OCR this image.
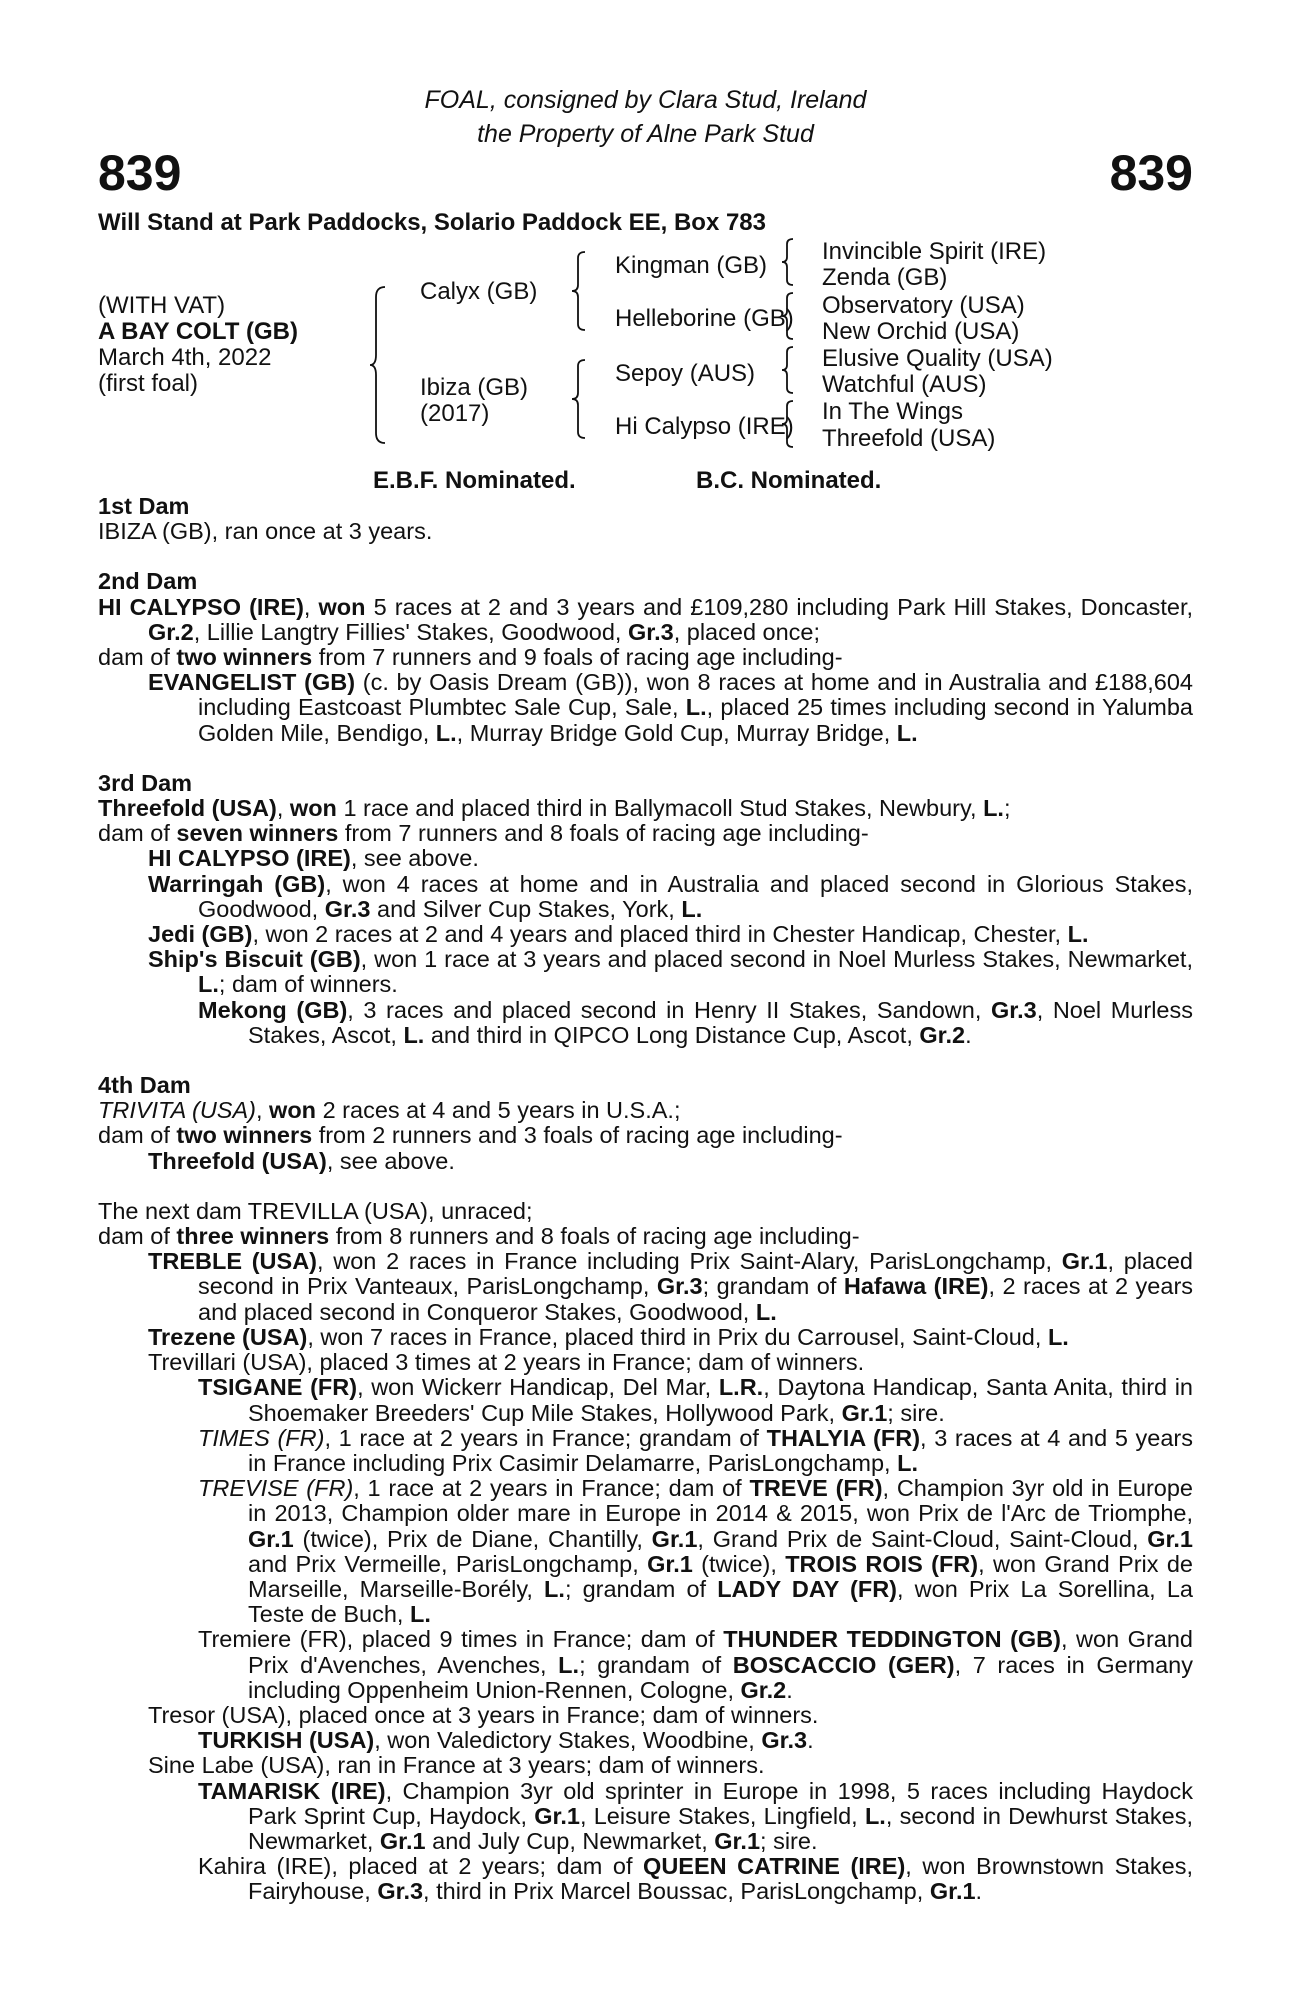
FOAL, consigned by Clara Stud, Ireland
the Property of Alne Park Stud
839	839
Will Stand at Park Paddocks, Solario Paddock EE, Box 783
(WITH VAT)
A BAY COLT (GB)
March 4th, 2022
(first foal)
Calyx (GB)
Ibiza (GB)
(2017)
Kingman (GB)
Helleborine (GB)
Sepoy (AUS)
Hi Calypso (IRE)
Invincible Spirit (IRE)
Zenda (GB)
Observatory (USA)
New Orchid (USA)
Elusive Quality (USA)
Watchful (AUS)
In The Wings
Threefold (USA)
E.B.F. Nominated.	B.C. Nominated.

1st Dam

IBIZA (GB), ran once at 3 years.

2nd Dam

HI CALYPSO (IRE), won 5 races at 2 and 3 years and £109,280 including Park Hill Stakes, Doncaster, Gr.2, Lillie Langtry Fillies' Stakes, Goodwood, Gr.3, placed once;

dam of two winners from 7 runners and 9 foals of racing age including-

EVANGELIST (GB) (c. by Oasis Dream (GB)), won 8 races at home and in Australia and £188,604 including Eastcoast Plumbtec Sale Cup, Sale, L., placed 25 times including second in Yalumba Golden Mile, Bendigo, L., Murray Bridge Gold Cup, Murray Bridge, L.

3rd Dam

Threefold (USA), won 1 race and placed third in Ballymacoll Stud Stakes, Newbury, L.;

dam of seven winners from 7 runners and 8 foals of racing age including-

HI CALYPSO (IRE), see above.

Warringah (GB), won 4 races at home and in Australia and placed second in Glorious Stakes, Goodwood, Gr.3 and Silver Cup Stakes, York, L.

Jedi (GB), won 2 races at 2 and 4 years and placed third in Chester Handicap, Chester, L.

Ship's Biscuit (GB), won 1 race at 3 years and placed second in Noel Murless Stakes, Newmarket, L.; dam of winners.

Mekong (GB), 3 races and placed second in Henry II Stakes, Sandown, Gr.3, Noel Murless Stakes, Ascot, L. and third in QIPCO Long Distance Cup, Ascot, Gr.2.

4th Dam

TRIVITA (USA), won 2 races at 4 and 5 years in U.S.A.;

dam of two winners from 2 runners and 3 foals of racing age including-

Threefold (USA), see above.

The next dam TREVILLA (USA), unraced;

dam of three winners from 8 runners and 8 foals of racing age including-

TREBLE (USA), won 2 races in France including Prix Saint-Alary, ParisLongchamp, Gr.1, placed second in Prix Vanteaux, ParisLongchamp, Gr.3; grandam of Hafawa (IRE), 2 races at 2 years and placed second in Conqueror Stakes, Goodwood, L.

Trezene (USA), won 7 races in France, placed third in Prix du Carrousel, Saint-Cloud, L.

Trevillari (USA), placed 3 times at 2 years in France; dam of winners.

TSIGANE (FR), won Wickerr Handicap, Del Mar, L.R., Daytona Handicap, Santa Anita, third in Shoemaker Breeders' Cup Mile Stakes, Hollywood Park, Gr.1; sire.

TIMES (FR), 1 race at 2 years in France; grandam of THALYIA (FR), 3 races at 4 and 5 years in France including Prix Casimir Delamarre, ParisLongchamp, L.

TREVISE (FR), 1 race at 2 years in France; dam of TREVE (FR), Champion 3yr old in Europe in 2013, Champion older mare in Europe in 2014 & 2015, won Prix de l'Arc de Triomphe, Gr.1 (twice), Prix de Diane, Chantilly, Gr.1, Grand Prix de Saint-Cloud, Saint-Cloud, Gr.1 and Prix Vermeille, ParisLongchamp, Gr.1 (twice), TROIS ROIS (FR), won Grand Prix de Marseille, Marseille-Borély, L.; grandam of LADY DAY (FR), won Prix La Sorellina, La Teste de Buch, L.

Tremiere (FR), placed 9 times in France; dam of THUNDER TEDDINGTON (GB), won Grand Prix d'Avenches, Avenches, L.; grandam of BOSCACCIO (GER), 7 races in Germany including Oppenheim Union-Rennen, Cologne, Gr.2.

Tresor (USA), placed once at 3 years in France; dam of winners.

TURKISH (USA), won Valedictory Stakes, Woodbine, Gr.3.

Sine Labe (USA), ran in France at 3 years; dam of winners.

TAMARISK (IRE), Champion 3yr old sprinter in Europe in 1998, 5 races including Haydock Park Sprint Cup, Haydock, Gr.1, Leisure Stakes, Lingfield, L., second in Dewhurst Stakes, Newmarket, Gr.1 and July Cup, Newmarket, Gr.1; sire.

Kahira (IRE), placed at 2 years; dam of QUEEN CATRINE (IRE), won Brownstown Stakes, Fairyhouse, Gr.3, third in Prix Marcel Boussac, ParisLongchamp, Gr.1.
